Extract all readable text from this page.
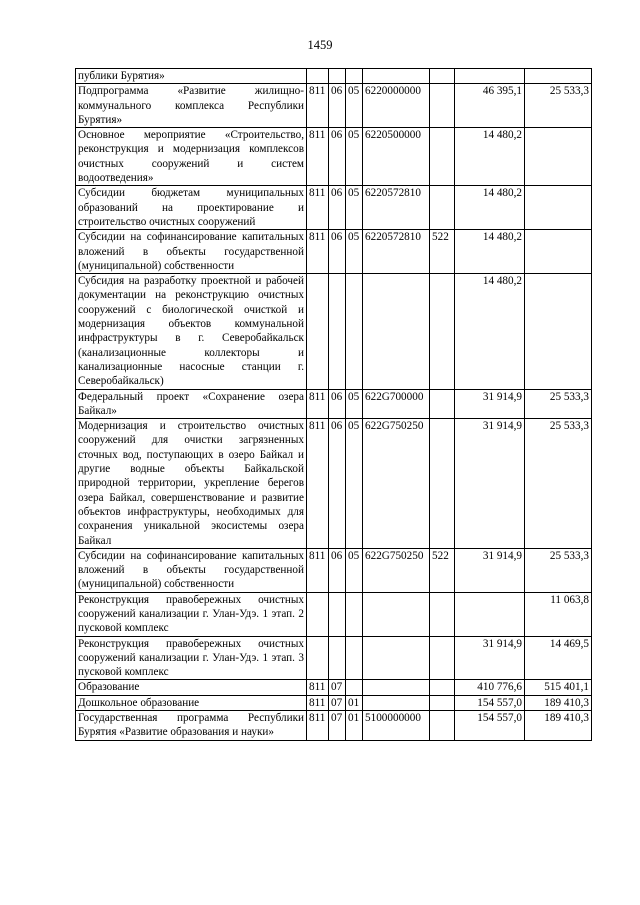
1459
публики Бурятия»							
Подпрограмма «Развитие жилищно-коммунального комплекса Республики Бурятия»	811	06	05	6220000000		46 395,1	25 533,3
Основное мероприятие «Строительство, реконструкция и модернизация комплексов очистных сооружений и систем водоотведения»	811	06	05	6220500000		14 480,2	
Субсидии бюджетам муниципальных образований на проектирование и строительство очистных сооружений	811	06	05	6220572810		14 480,2	
Субсидии на софинансирование капитальных вложений в объекты государственной (муниципальной) собственности	811	06	05	6220572810	522	14 480,2	
Субсидия на разработку проектной и рабочей документации на реконструкцию очистных сооружений с биологической очисткой и модернизация объектов коммунальной инфраструктуры в г. Северобайкальск (канализационные коллекторы и канализационные насосные станции г. Северобайкальск)						14 480,2	
Федеральный проект «Сохранение озера Байкал»	811	06	05	622G700000		31 914,9	25 533,3
Модернизация и строительство очистных сооружений для очистки загрязненных сточных вод, поступающих в озеро Байкал и другие водные объекты Байкальской природной территории, укрепление берегов озера Байкал, совершенствование и развитие объектов инфраструктуры, необходимых для сохранения уникальной экосистемы озера Байкал	811	06	05	622G750250		31 914,9	25 533,3
Субсидии на софинансирование капитальных вложений в объекты государственной (муниципальной) собственности	811	06	05	622G750250	522	31 914,9	25 533,3
Реконструкция правобережных очистных сооружений канализации г. Улан-Удэ. 1 этап. 2 пусковой комплекс							11 063,8
Реконструкция правобережных очистных сооружений канализации г. Улан-Удэ. 1 этап. 3 пусковой комплекс						31 914,9	14 469,5
Образование	811	07				410 776,6	515 401,1
Дошкольное образование	811	07	01			154 557,0	189 410,3
Государственная программа Республики Бурятия «Развитие образования и науки»	811	07	01	5100000000		154 557,0	189 410,3
